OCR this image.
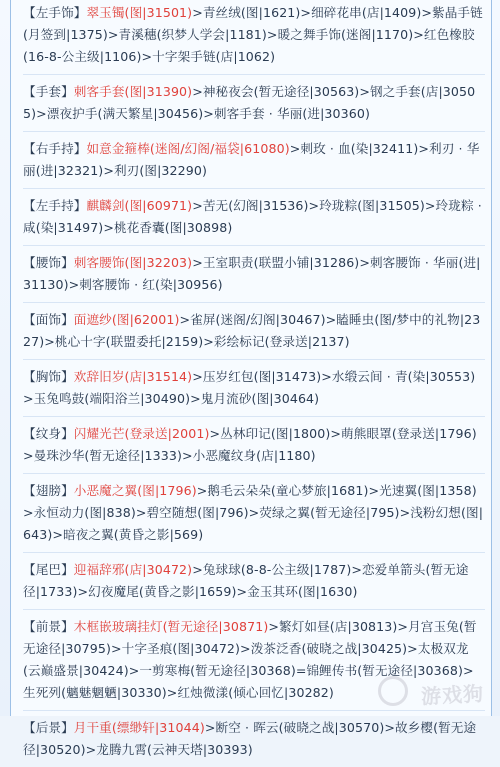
【左手饰】翠玉镯(图|31501)>青丝绒(图|1621)>细碎花串(店|1409)>紫晶手链(月签到|1375)>青溪穗(织梦人学会|1181)>暖之舞手饰(迷阁|1170)>红色橡胶(16-8-公主级|1106)>十字架手链(店|1062)

【手套】刺客手套(图|31390)>神秘夜会(暂无途径|30563)>钢之手套(店|30505)>漂夜护手(满天繁星|30456)>刺客手套 · 华丽(进|30360)

【右手持】如意金箍棒(迷阁/幻阁/福袋|61080)>刺玫 · 血(染|32411)>利刃 · 华丽(进|32321)>利刃(图|32290)

【左手持】麒麟剑(图|60971)>苦无(幻阁|31536)>玲珑粽(图|31505)>玲珑粽 · 咸(染|31497)>桃花香囊(图|30898)

【腰饰】刺客腰饰(图|32203)>王室职责(联盟小铺|31286)>刺客腰饰 · 华丽(进|31130)>刺客腰饰 · 红(染|30956)

【面饰】面遮纱(图|62001)>雀屏(迷阁/幻阁|30467)>瞌睡虫(图/梦中的礼物|2327)>桃心十字(联盟委托|2159)>彩绘标记(登录送|2137)

【胸饰】欢辞旧岁(店|31514)>压岁红包(图|31473)>水缎云间 · 青(染|30553)>玉兔鸣鼓(端阳浴兰|30490)>鬼月流砂(图|30464)

【纹身】闪耀光芒(登录送|2001)>丛林印记(图|1800)>萌熊眼罩(登录送|1796)>曼珠沙华(暂无途径|1333)>小恶魔纹身(店|1180)

【翅膀】小恶魔之翼(图|1796)>鹅毛云朵朵(童心梦旅|1681)>光速翼(图|1358)>永恒动力(图|838)>碧空随想(图|796)>荧绿之翼(暂无途径|795)>浅粉幻想(图|643)>暗夜之翼(黄昏之影|569)

【尾巴】迎福辞邪(店|30472)>兔球球(8-8-公主级|1787)>恋爱单箭头(暂无途径|1733)>幻夜魔尾(黄昏之影|1659)>金玉其环(图|1630)

【前景】木框嵌玻璃挂灯(暂无途径|30871)>繁灯如昼(店|30813)>月宫玉兔(暂无途径|30795)>十字圣痕(图|30472)>泼茶泛香(破晓之战|30425)>太极双龙(云巅盛景|30424)>一剪寒梅(暂无途径|30368)=锦鲤传书(暂无途径|30368)>生死列(魑魅魍魉|30330)>红烛微漾(倾心回忆|30282)

【后景】月干重(缥缈轩|31044)>断空 · 晖云(破晓之战|30570)>故乡樱(暂无途径|30520)>龙腾九霄(云神天塔|30393)

游戏狗
